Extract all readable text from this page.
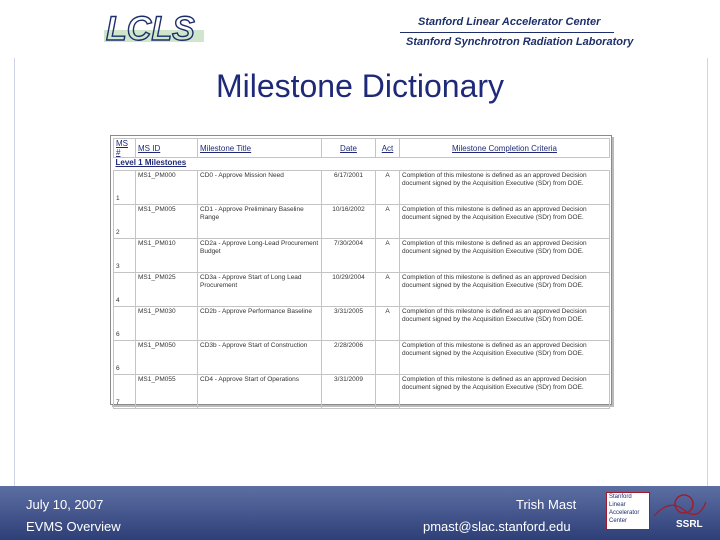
LCLS	Stanford Linear Accelerator Center
Stanford Synchrotron Radiation Laboratory
Milestone Dictionary
MS #	MS ID	Milestone Title	Date	Act	Milestone Completion Criteria
Level 1 Milestones					
1	MS1_PM000	CD0 - Approve Mission Need	6/17/2001	A	Completion of this milestone is defined as an approved Decision document signed by the Acquisition Executive (SDr) from DOE.
2	MS1_PM005	CD1 - Approve Preliminary Baseline Range	10/16/2002	A	Completion of this milestone is defined as an approved Decision document signed by the Acquisition Executive (SDr) from DOE.
3	MS1_PM010	CD2a - Approve Long-Lead Procurement Budget	7/30/2004	A	Completion of this milestone is defined as an approved Decision document signed by the Acquisition Executive (SDr) from DOE.
4	MS1_PM025	CD3a - Approve Start of Long Lead Procurement	10/29/2004	A	Completion of this milestone is defined as an approved Decision document signed by the Acquisition Executive (SDr) from DOE.
6	MS1_PM030	CD2b - Approve Performance Baseline	3/31/2005	A	Completion of this milestone is defined as an approved Decision document signed by the Acquisition Executive (SDr) from DOE.
6	MS1_PM050	CD3b - Approve Start of Construction	2/28/2006		Completion of this milestone is defined as an approved Decision document signed by the Acquisition Executive (SDr) from DOE.
7	MS1_PM055	CD4 - Approve Start of Operations	3/31/2009		Completion of this milestone is defined as an approved Decision document signed by the Acquisition Executive (SDr) from DOE.
July 10, 2007	Trish Mast
EVMS Overview	pmast@slac.stanford.edu
Stanford
Linear
Accelerator
Center	SSRL
